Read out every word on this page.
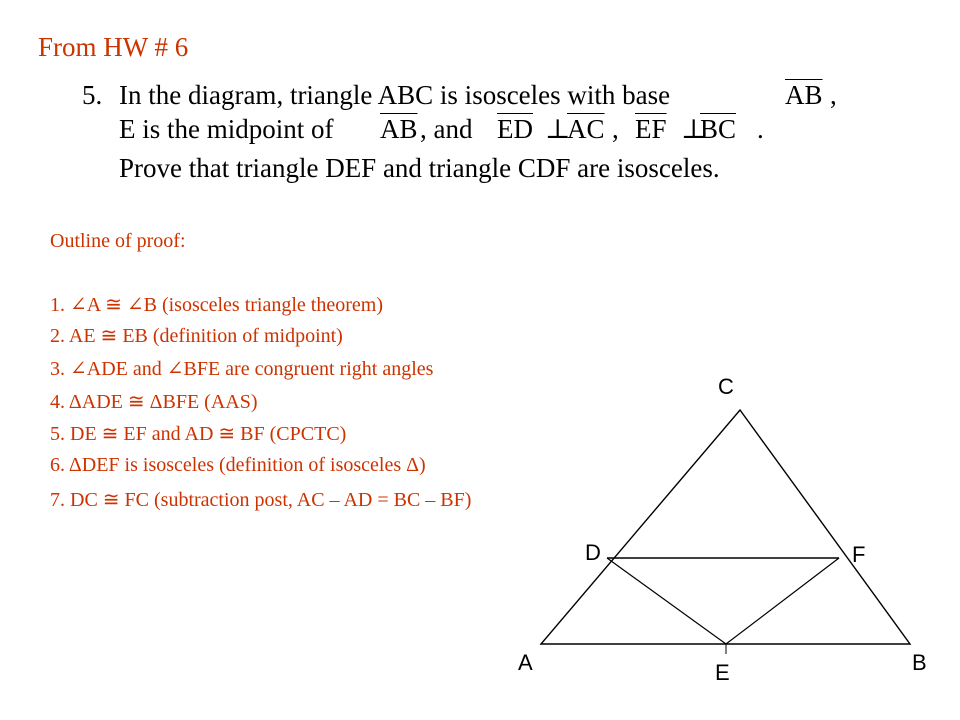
From HW # 6
5. In the diagram, triangle ABC is isosceles with base	$\overline{AB}$ ,
E is the midpoint of $\overline{AB}$ , and $\overline{ED}$ ⊥
$\overline{AC}$ , $\overline{EF}$ ⊥
$\overline{BC}$ .
Prove that triangle DEF and triangle CDF are isosceles.
Outline of proof:
1. ∠A ≅ ∠B (isosceles triangle theorem)
2. AE ≅ EB (definition of midpoint)
3. ∠ADE and ∠BFE are congruent right angles
4. ΔADE ≅ ΔBFE (AAS)
5. DE ≅ EF and AD ≅ BF (CPCTC)
6. ΔDEF is isosceles (definition of isosceles Δ)
7. DC ≅ FC (subtraction post, AC – AD = BC – BF)
C
D	F
A	E	B
